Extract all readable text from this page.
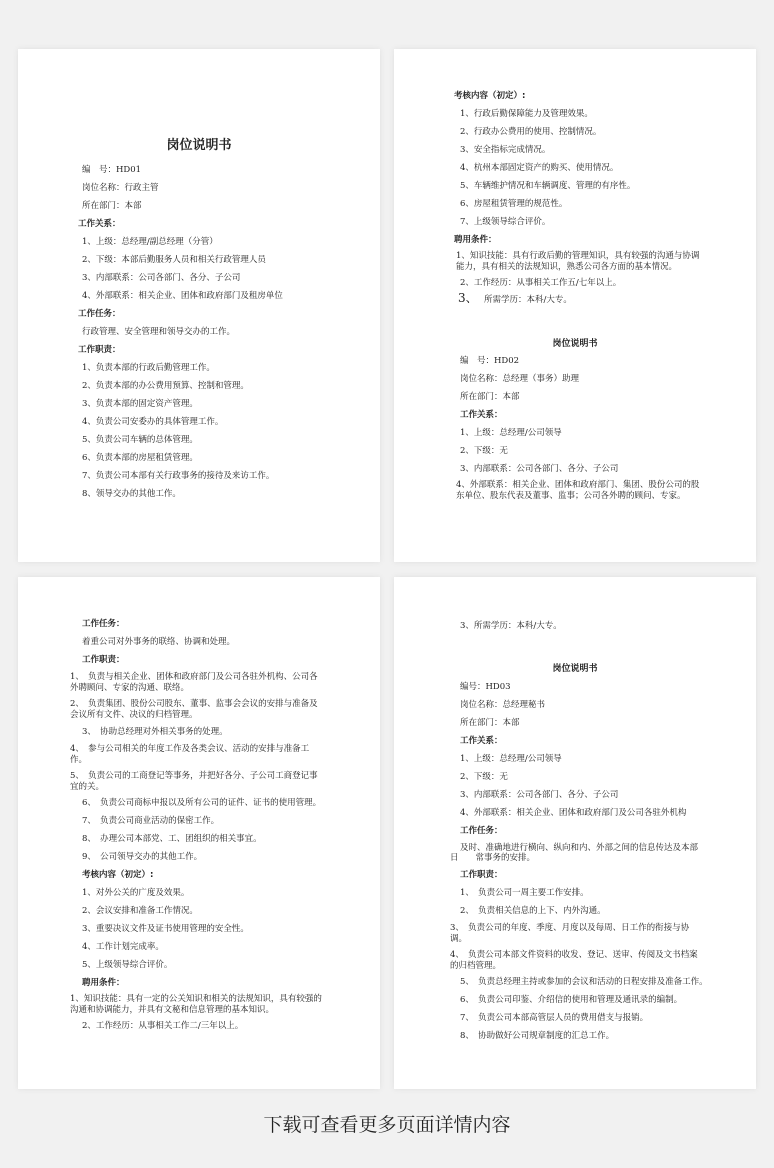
岗位说明书
编　号：HD01
岗位名称：行政主管
所在部门：本部
工作关系：
1、上级：总经理/副总经理（分管）
2、下级：本部后勤服务人员和相关行政管理人员
3、内部联系：公司各部门、各分、子公司
4、外部联系：相关企业、团体和政府部门及租房单位
工作任务：
行政管理、安全管理和领导交办的工作。
工作职责：
1、负责本部的行政后勤管理工作。
2、负责本部的办公费用预算、控制和管理。
3、负责本部的固定资产管理。
4、负责公司安委办的具体管理工作。
5、负责公司车辆的总体管理。
6、负责本部的房屋租赁管理。
7、负责公司本部有关行政事务的接待及来访工作。
8、领导交办的其他工作。
考核内容（初定）:
1、行政后勤保障能力及管理效果。
2、行政办公费用的使用、控制情况。
3、安全指标完成情况。
4、杭州本部固定资产的购买、使用情况。
5、车辆维护情况和车辆调度、管理的有序性。
6、房屋租赁管理的规范性。
7、上级领导综合评价。
聘用条件：
1、知识技能：具有行政后勤的管理知识，具有较强的沟通与协调能力，具有相关的法规知识，熟悉公司各方面的基本情况。
2、工作经历：从事相关工作五/七年以上。
3、 所需学历：本科/大专。
岗位说明书
编　号：HD02
岗位名称：总经理（事务）助理
所在部门：本部
工作关系：
1、上级：总经理/公司领导
2、下级：无
3、内部联系：公司各部门、各分、子公司
4、外部联系：相关企业、团体和政府部门、集团、股份公司的股东单位、股东代表及董事、监事；公司各外聘的顾问、专家。
工作任务：
着重公司对外事务的联络、协调和处理。
工作职责：
1、　负责与相关企业、团体和政府部门及公司各驻外机构、公司各外聘顾问、专家的沟通、联络。
2、　负责集团、股份公司股东、董事、监事会会议的安排与准备及会议所有文件、决议的归档管理。
3、　协助总经理对外相关事务的处理。
4、　参与公司相关的年度工作及各类会议、活动的安排与准备工作。
5、　负责公司的工商登记等事务，并把好各分、子公司工商登记事宜的关。
6、　负责公司商标申报以及所有公司的证件、证书的使用管理。
7、　负责公司商业活动的保密工作。
8、　办理公司本部党、工、团组织的相关事宜。
9、　公司领导交办的其他工作。
考核内容（初定）:
1、对外公关的广度及效果。
2、会议安排和准备工作情况。
3、重要决议文件及证书使用管理的安全性。
4、工作计划完成率。
5、上级领导综合评价。
聘用条件：
1、知识技能：具有一定的公关知识和相关的法规知识，具有较强的沟通和协调能力，并具有文秘和信息管理的基本知识。
2、工作经历：从事相关工作二/三年以上。
3、所需学历：本科/大专。
岗位说明书
编号：HD03
岗位名称：总经理秘书
所在部门：本部
工作关系：
1、上级：总经理/公司领导
2、下级：无
3、内部联系：公司各部门、各分、子公司
4、外部联系：相关企业、团体和政府部门及公司各驻外机构
工作任务：
及时、准确地进行横向、纵向和内、外部之间的信息传达及本部
日　　常事务的安排。
工作职责：
1、　负责公司一周主要工作安排。
2、　负责相关信息的上下、内外沟通。
3、　负责公司的年度、季度、月度以及每周、日工作的衔接与协调。
4、　负责公司本部文件资料的收发、登记、送审、传阅及文书档案的归档管理。
5、　负责总经理主持或参加的会议和活动的日程安排及准备工作。
6、　负责公司印鉴、介绍信的使用和管理及通讯录的编制。
7、　负责公司本部高管层人员的费用借支与报销。
8、　协助做好公司规章制度的汇总工作。
下载可查看更多页面详情内容
